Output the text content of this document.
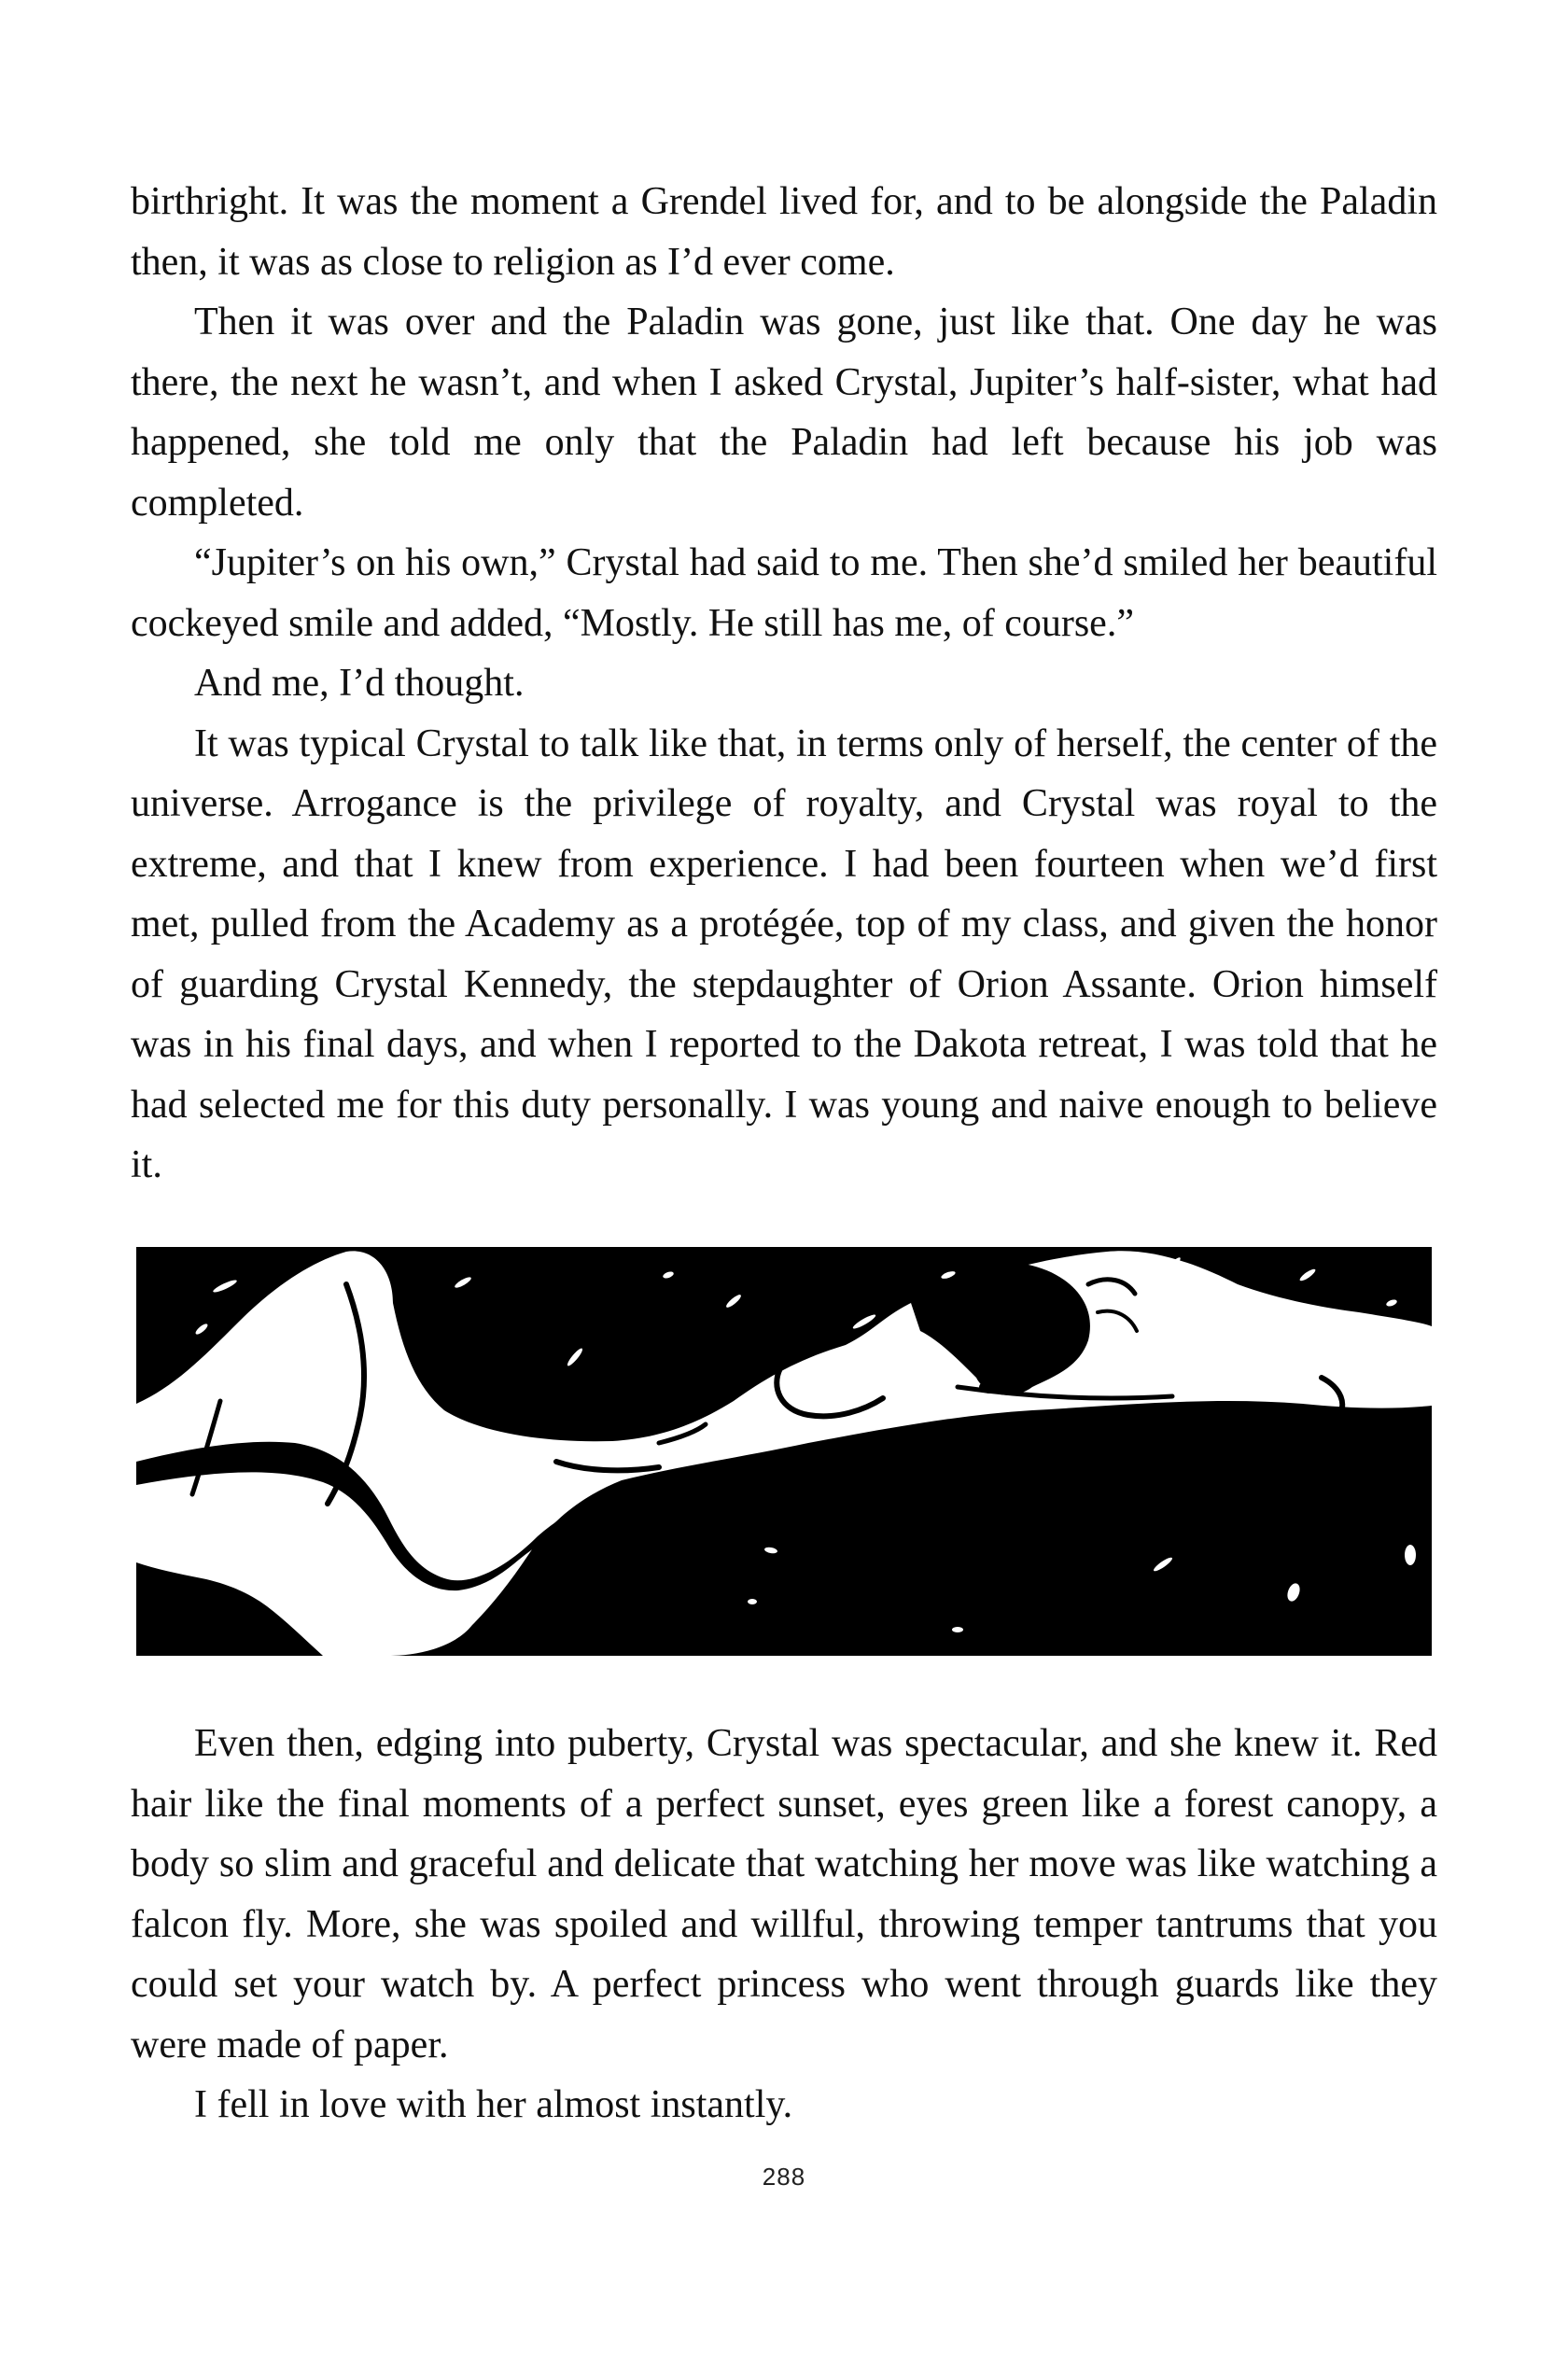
birthright. It was the moment a Grendel lived for, and to be alongside the Paladin then, it was as close to religion as I’d ever come.

Then it was over and the Paladin was gone, just like that. One day he was there, the next he wasn’t, and when I asked Crystal, Jupiter’s half-sister, what had happened, she told me only that the Paladin had left because his job was completed.

“Jupiter’s on his own,” Crystal had said to me. Then she’d smiled her beautiful cockeyed smile and added, “Mostly. He still has me, of course.”

And me, I’d thought.

It was typical Crystal to talk like that, in terms only of herself, the center of the universe. Arrogance is the privilege of royalty, and Crystal was royal to the extreme, and that I knew from experience. I had been fourteen when we’d first met, pulled from the Academy as a protégée, top of my class, and given the honor of guarding Crystal Kennedy, the stepdaughter of Orion Assante. Orion himself was in his final days, and when I reported to the Dakota retreat, I was told that he had selected me for this duty personally. I was young and naive enough to believe it.

Even then, edging into puberty, Crystal was spectacular, and she knew it. Red hair like the final moments of a perfect sunset, eyes green like a forest canopy, a body so slim and graceful and delicate that watching her move was like watching a falcon fly. More, she was spoiled and willful, throwing temper tantrums that you could set your watch by. A perfect princess who went through guards like they were made of paper.

I fell in love with her almost instantly.

288
